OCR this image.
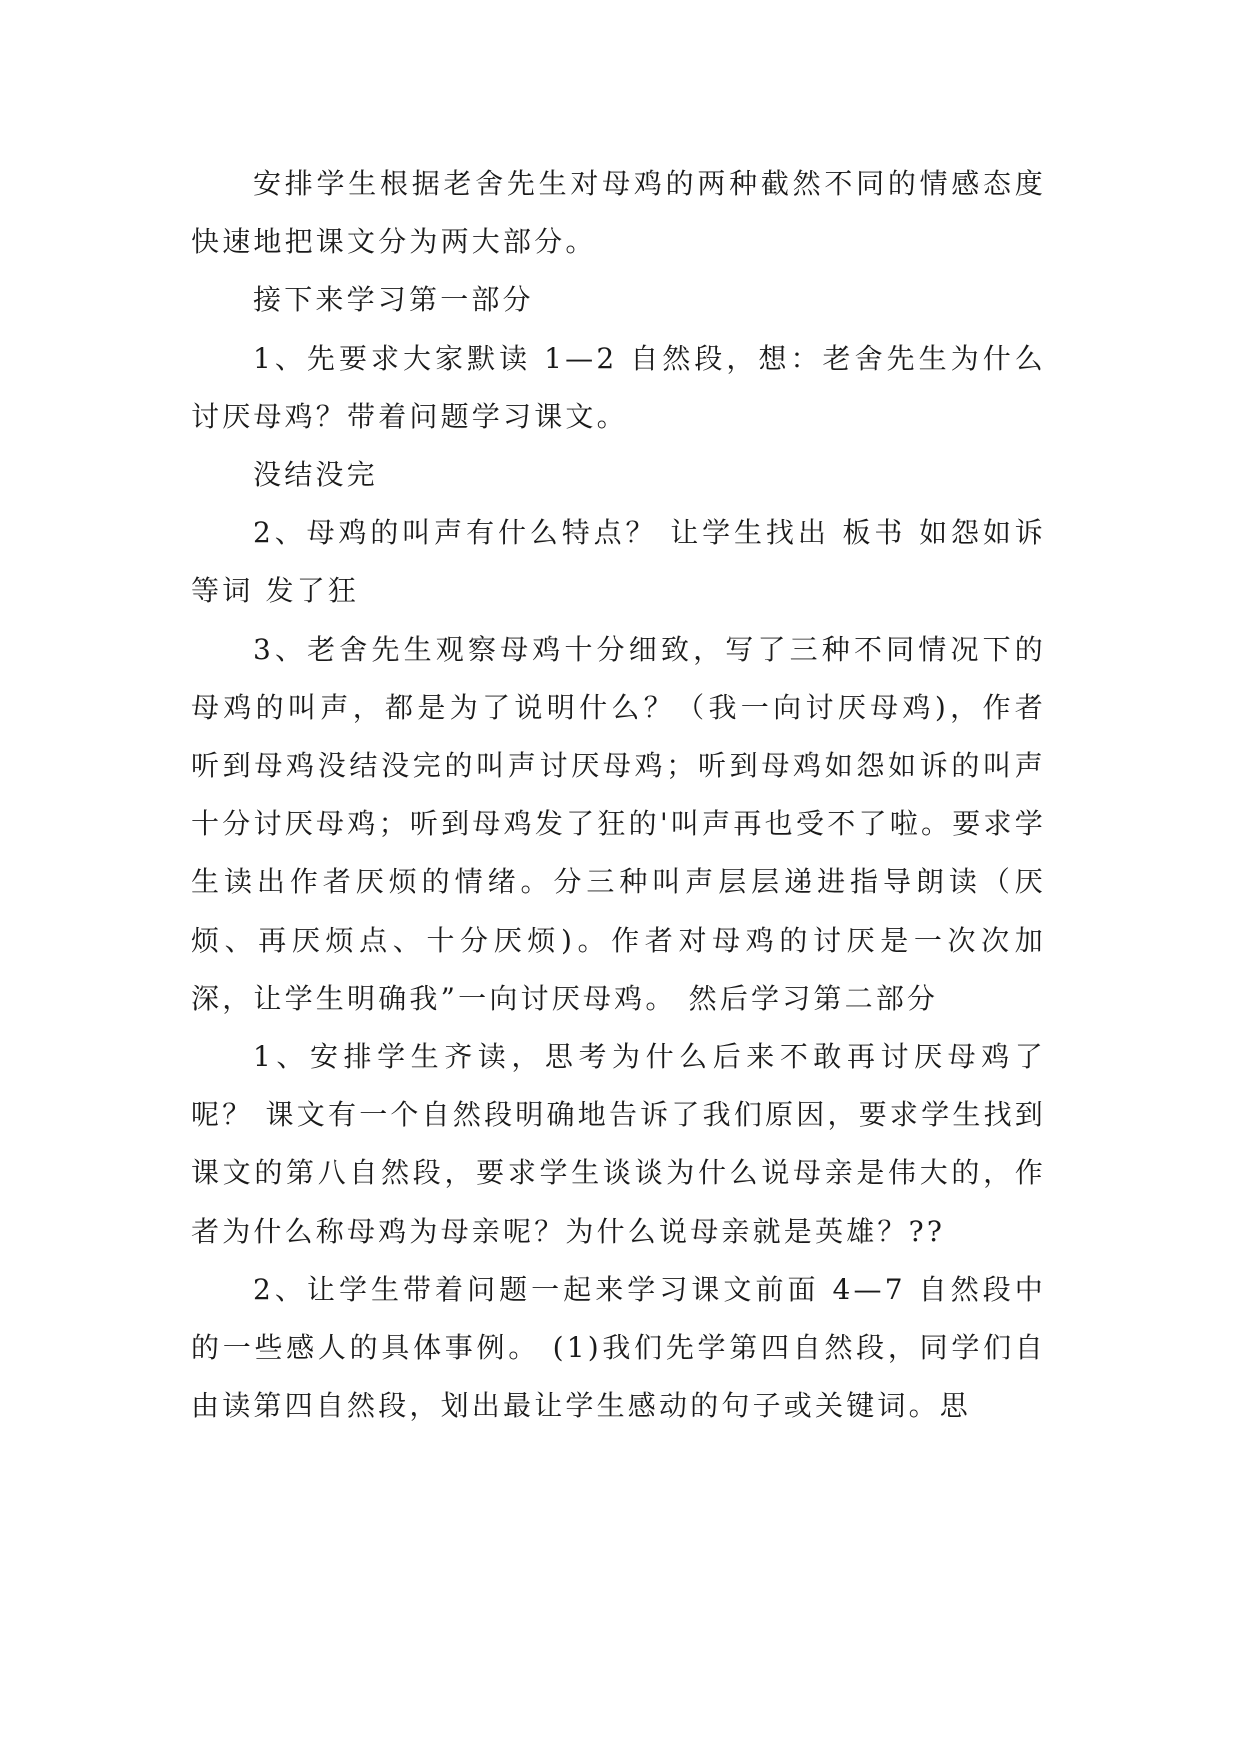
安排学生根据老舍先生对母鸡的两种截然不同的情感态度快速地把课文分为两大部分。

接下来学习第一部分

1、先要求大家默读 1—2 自然段，想：老舍先生为什么讨厌母鸡？带着问题学习课文。

没结没完

2、母鸡的叫声有什么特点？ 让学生找出 板书 如怨如诉等词 发了狂

3、老舍先生观察母鸡十分细致，写了三种不同情况下的母鸡的叫声，都是为了说明什么？（我一向讨厌母鸡)，作者听到母鸡没结没完的叫声讨厌母鸡；听到母鸡如怨如诉的叫声十分讨厌母鸡；听到母鸡发了狂的'叫声再也受不了啦。要求学生读出作者厌烦的情绪。分三种叫声层层递进指导朗读（厌烦、再厌烦点、十分厌烦)。作者对母鸡的讨厌是一次次加深，让学生明确我”一向讨厌母鸡。 然后学习第二部分

1、安排学生齐读，思考为什么后来不敢再讨厌母鸡了呢？ 课文有一个自然段明确地告诉了我们原因，要求学生找到课文的第八自然段，要求学生谈谈为什么说母亲是伟大的，作者为什么称母鸡为母亲呢？为什么说母亲就是英雄？??

2、让学生带着问题一起来学习课文前面 4—7 自然段中的一些感人的具体事例。 (1)我们先学第四自然段，同学们自由读第四自然段，划出最让学生感动的句子或关键词。思
